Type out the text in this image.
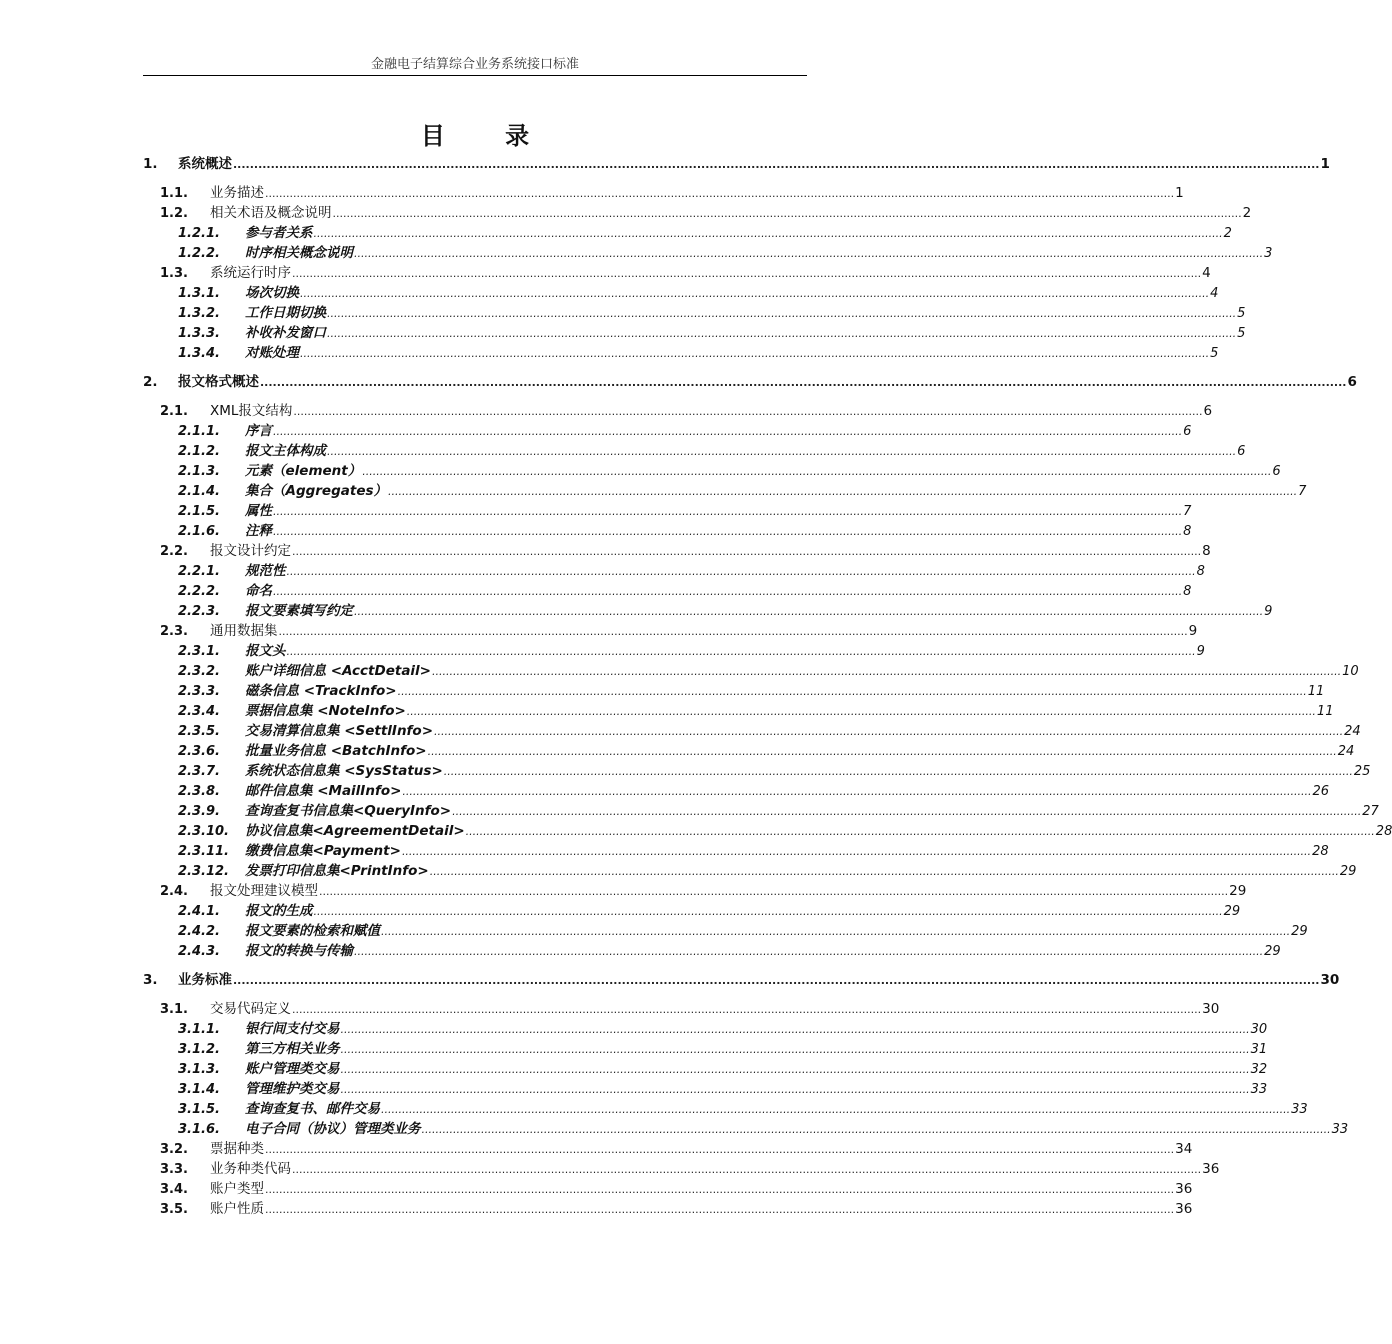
金融电子结算综合业务系统接口标准
目 录
1.	系统概述 .................................................................................................................................................................................................................................................................... 1
1.1.	业务描述 .................................................................................................................................................................................................................................................................... 1
1.2.	相关术语及概念说明 .................................................................................................................................................................................................................................................................... 2
1.2.1.	参与者关系 .................................................................................................................................................................................................................................................................... 2
1.2.2.	时序相关概念说明 .................................................................................................................................................................................................................................................................... 3
1.3.	系统运行时序 .................................................................................................................................................................................................................................................................... 4
1.3.1.	场次切换 .................................................................................................................................................................................................................................................................... 4
1.3.2.	工作日期切换 .................................................................................................................................................................................................................................................................... 5
1.3.3.	补收补发窗口 .................................................................................................................................................................................................................................................................... 5
1.3.4.	对账处理 .................................................................................................................................................................................................................................................................... 5
2.	报文格式概述 .................................................................................................................................................................................................................................................................... 6
2.1.	XML报文结构 .................................................................................................................................................................................................................................................................... 6
2.1.1.	序言 .................................................................................................................................................................................................................................................................... 6
2.1.2.	报文主体构成 .................................................................................................................................................................................................................................................................... 6
2.1.3.	元素（element） .................................................................................................................................................................................................................................................................... 6
2.1.4.	集合（Aggregates） .................................................................................................................................................................................................................................................................... 7
2.1.5.	属性 .................................................................................................................................................................................................................................................................... 7
2.1.6.	注释 .................................................................................................................................................................................................................................................................... 8
2.2.	报文设计约定 .................................................................................................................................................................................................................................................................... 8
2.2.1.	规范性 .................................................................................................................................................................................................................................................................... 8
2.2.2.	命名 .................................................................................................................................................................................................................................................................... 8
2.2.3.	报文要素填写约定 .................................................................................................................................................................................................................................................................... 9
2.3.	通用数据集 .................................................................................................................................................................................................................................................................... 9
2.3.1.	报文头 .................................................................................................................................................................................................................................................................... 9
2.3.2.	账户详细信息 <AcctDetail> .................................................................................................................................................................................................................................................................... 10
2.3.3.	磁条信息 <TrackInfo> .................................................................................................................................................................................................................................................................... 11
2.3.4.	票据信息集 <NoteInfo> .................................................................................................................................................................................................................................................................... 11
2.3.5.	交易清算信息集 <SettlInfo> .................................................................................................................................................................................................................................................................... 24
2.3.6.	批量业务信息 <BatchInfo> .................................................................................................................................................................................................................................................................... 24
2.3.7.	系统状态信息集 <SysStatus> .................................................................................................................................................................................................................................................................... 25
2.3.8.	邮件信息集 <MailInfo> .................................................................................................................................................................................................................................................................... 26
2.3.9.	查询查复书信息集<QueryInfo> .................................................................................................................................................................................................................................................................... 27
2.3.10.	协议信息集<AgreementDetail> .................................................................................................................................................................................................................................................................... 28
2.3.11.	缴费信息集<Payment> .................................................................................................................................................................................................................................................................... 28
2.3.12.	发票打印信息集<PrintInfo> .................................................................................................................................................................................................................................................................... 29
2.4.	报文处理建议模型 .................................................................................................................................................................................................................................................................... 29
2.4.1.	报文的生成 .................................................................................................................................................................................................................................................................... 29
2.4.2.	报文要素的检索和赋值 .................................................................................................................................................................................................................................................................... 29
2.4.3.	报文的转换与传输 .................................................................................................................................................................................................................................................................... 29
3.	业务标准 .................................................................................................................................................................................................................................................................... 30
3.1.	交易代码定义 .................................................................................................................................................................................................................................................................... 30
3.1.1.	银行间支付交易 .................................................................................................................................................................................................................................................................... 30
3.1.2.	第三方相关业务 .................................................................................................................................................................................................................................................................... 31
3.1.3.	账户管理类交易 .................................................................................................................................................................................................................................................................... 32
3.1.4.	管理维护类交易 .................................................................................................................................................................................................................................................................... 33
3.1.5.	查询查复书、邮件交易 .................................................................................................................................................................................................................................................................... 33
3.1.6.	电子合同（协议）管理类业务 .................................................................................................................................................................................................................................................................... 33
3.2.	票据种类 .................................................................................................................................................................................................................................................................... 34
3.3.	业务种类代码 .................................................................................................................................................................................................................................................................... 36
3.4.	账户类型 .................................................................................................................................................................................................................................................................... 36
3.5.	账户性质 .................................................................................................................................................................................................................................................................... 36
